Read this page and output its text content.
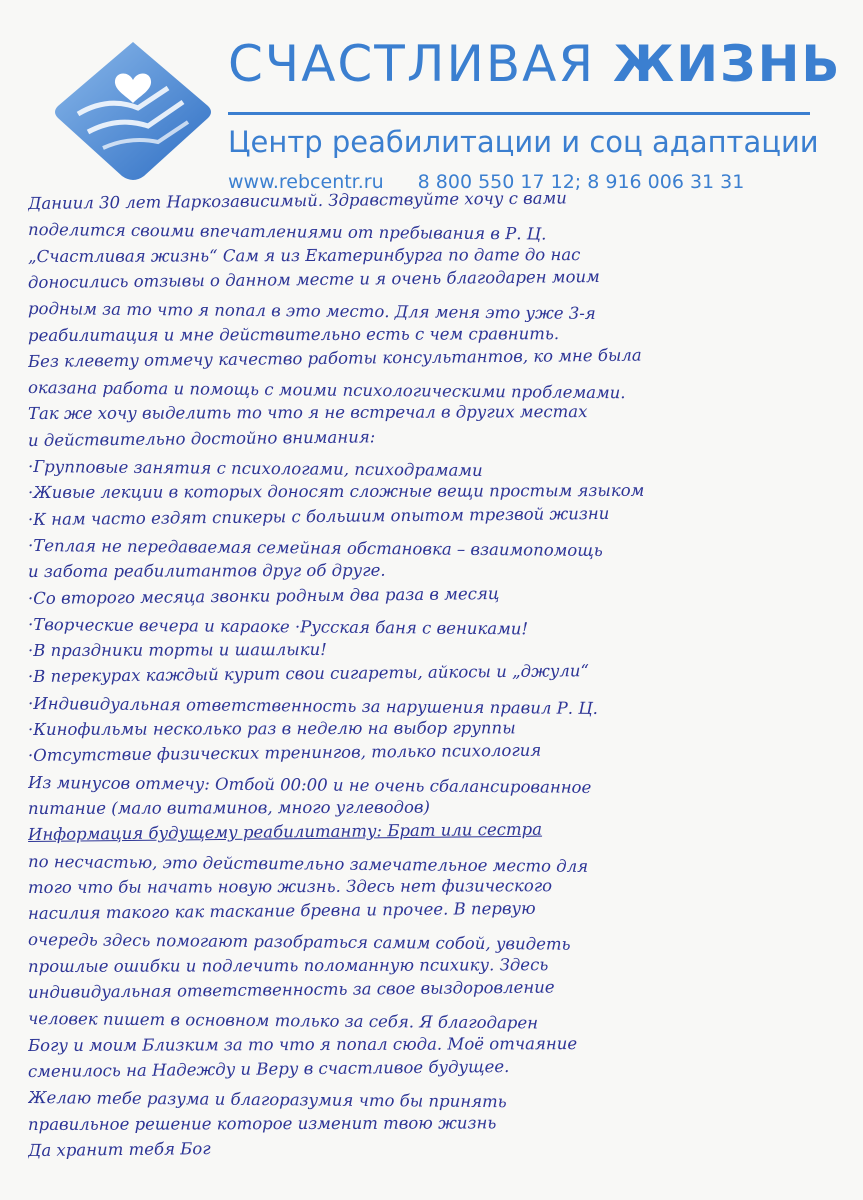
СЧАСТЛИВАЯ ЖИЗНЬ
Центр реабилитации и соц адаптации
www.rebcentr.ru 8 800 550 17 12; 8 916 006 31 31
Даниил 30 лет Наркозависимый. Здравствуйте хочу с вами
поделится своими впечатлениями от пребывания в Р. Ц.
„Счастливая жизнь“ Сам я из Екатеринбурга по дате до нас
доносились отзывы о данном месте и я очень благодарен моим
родным за то что я попал в это место. Для меня это уже 3-я
реабилитация и мне действительно есть с чем сравнить.
Без клевету отмечу качество работы консультантов, ко мне была
оказана работа и помощь с моими психологическими проблемами.
Так же хочу выделить то что я не встречал в других местах
и действительно достойно внимания:
·Групповые занятия с психологами, психодрамами
·Живые лекции в которых доносят сложные вещи простым языком
·К нам часто ездят спикеры с большим опытом трезвой жизни
·Теплая не передаваемая семейная обстановка – взаимопомощь
и забота реабилитантов друг об друге.
·Со второго месяца звонки родным два раза в месяц
·Творческие вечера и караоке ·Русская баня с вениками!
·В праздники торты и шашлыки!
·В перекурах каждый курит свои сигареты, айкосы и „джули“
·Индивидуальная ответственность за нарушения правил Р. Ц.
·Кинофильмы несколько раз в неделю на выбор группы
·Отсутствие физических тренингов, только психология
Из минусов отмечу: Отбой 00:00 и не очень сбалансированное
питание (мало витаминов, много углеводов)
Информация будущему реабилитанту: Брат или сестра
по несчастью, это действительно замечательное место для
того что бы начать новую жизнь. Здесь нет физического
насилия такого как таскание бревна и прочее. В первую
очередь здесь помогают разобраться самим собой, увидеть
прошлые ошибки и подлечить поломанную психику. Здесь
индивидуальная ответственность за свое выздоровление
человек пишет в основном только за себя. Я благодарен
Богу и моим Близким за то что я попал сюда. Моё отчаяние
сменилось на Надежду и Веру в счастливое будущее.
Желаю тебе разума и благоразумия что бы принять
правильное решение которое изменит твою жизнь
Да хранит тебя Бог
